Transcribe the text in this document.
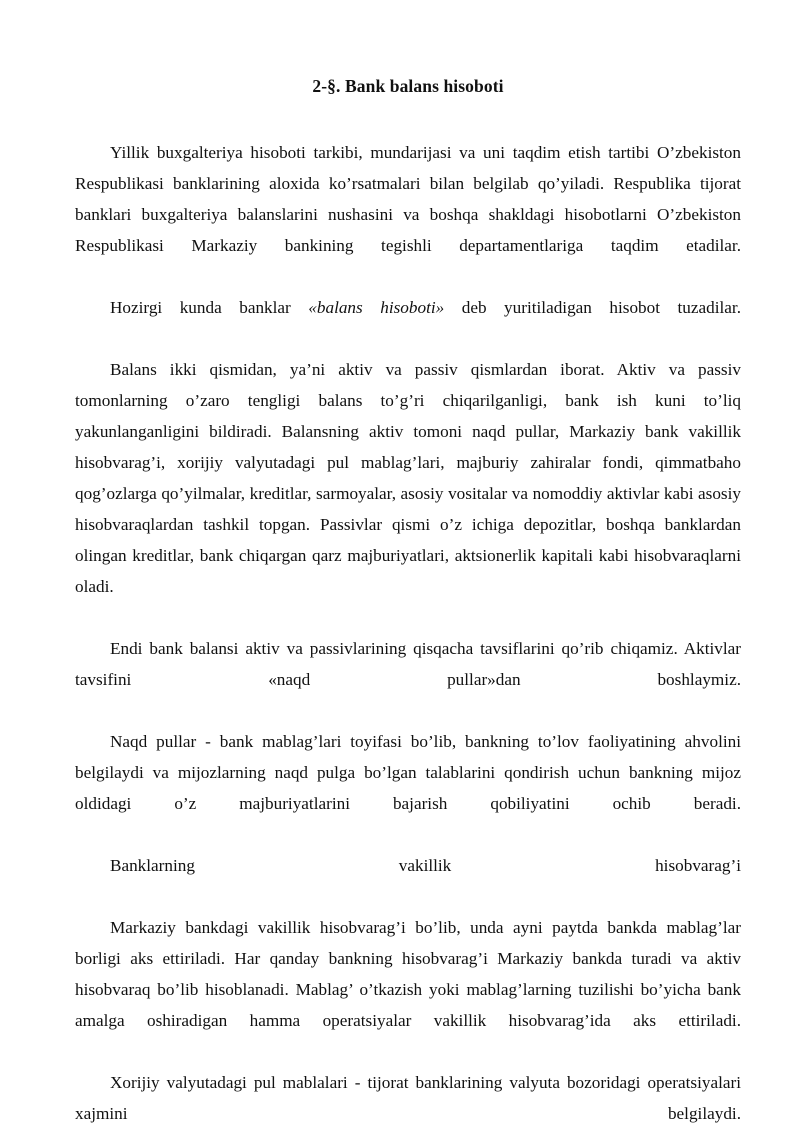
2-§. Bank balans hisoboti

Yillik buxgalteriya hisoboti tarkibi, mundarijasi va uni taqdim etish tartibi O’zbekiston Respublikasi banklarining aloxida ko’rsatmalari bilan belgilab qo’yiladi. Respublika tijorat banklari buxgalteriya balanslarini nushasini va boshqa shakldagi hisobotlarni O’zbekiston Respublikasi Markaziy bankining tegishli departamentlariga taqdim etadilar.

Hozirgi kunda banklar «balans hisoboti» deb yuritiladigan hisobot tuzadilar.

Balans ikki qismidan, ya’ni aktiv va passiv qismlardan iborat. Aktiv va passiv tomonlarning o’zaro tengligi balans to’g’ri chiqarilganligi, bank ish kuni to’liq yakunlanganligini bildiradi. Balansning aktiv tomoni naqd pullar, Markaziy bank vakillik hisobvarag’i, xorijiy valyutadagi pul mablag’lari, majburiy zahiralar fondi, qimmatbaho qog’ozlarga qo’yilmalar, kreditlar, sarmoyalar, asosiy vositalar va nomoddiy aktivlar kabi asosiy hisobvaraqlardan tashkil topgan. Passivlar qismi o’z ichiga depozitlar, boshqa banklardan olingan kreditlar, bank chiqargan qarz majburiyatlari, aktsionerlik kapitali kabi hisobvaraqlarni oladi.

Endi bank balansi aktiv va passivlarining qisqacha tavsiflarini qo’rib chiqamiz. Aktivlar tavsifini «naqd pullar»dan boshlaymiz.

Naqd pullar - bank mablag’lari toyifasi bo’lib, bankning to’lov faoliyatining ahvolini belgilaydi va mijozlarning naqd pulga bo’lgan talablarini qondirish uchun bankning mijoz oldidagi o’z majburiyatlarini bajarish qobiliyatini ochib beradi.

Banklarning vakillik hisobvarag’i

Markaziy bankdagi vakillik hisobvarag’i bo’lib, unda ayni paytda bankda mablag’lar borligi aks ettiriladi. Har qanday bankning hisobvarag’i Markaziy bankda turadi va aktiv hisobvaraq bo’lib hisoblanadi. Mablag’ o’tkazish yoki mablag’larning tuzilishi bo’yicha bank amalga oshiradigan hamma operatsiyalar vakillik hisobvarag’ida aks ettiriladi.

Xorijiy valyutadagi pul mablalari - tijorat banklarining valyuta bozoridagi operatsiyalari xajmini belgilaydi.
